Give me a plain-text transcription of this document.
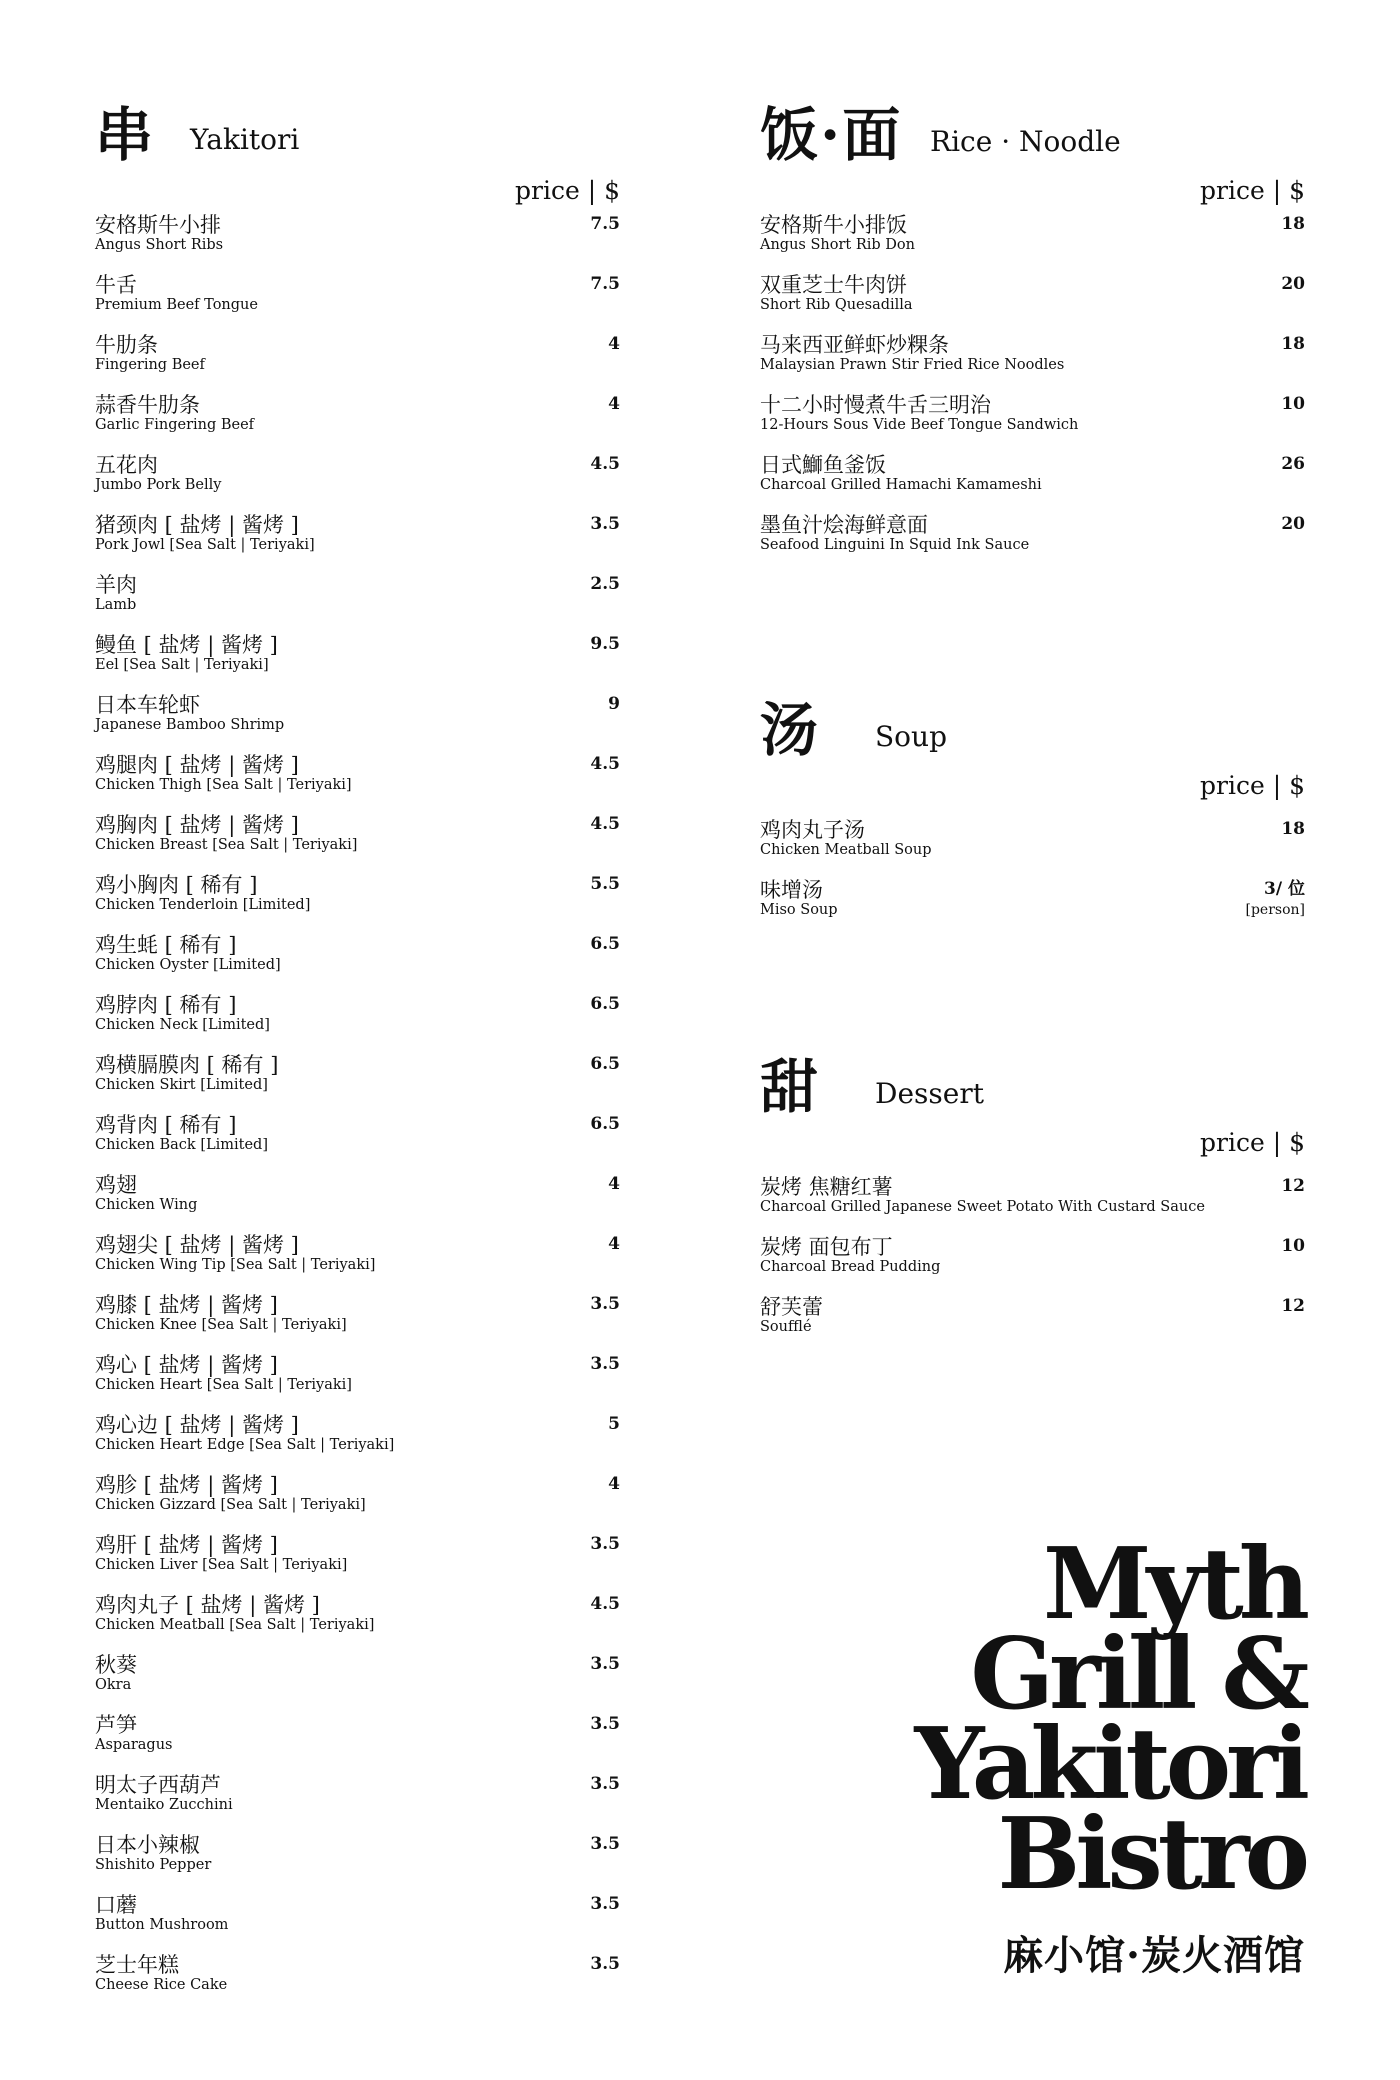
串 Yakitori
price | $
安格斯牛小排
Angus Short Ribs
7.5
牛舌
Premium Beef Tongue
7.5
牛肋条
Fingering Beef
4
蒜香牛肋条
Garlic Fingering Beef
4
五花肉
Jumbo Pork Belly
4.5
猪颈肉 [ 盐烤 | 酱烤 ]
Pork Jowl [Sea Salt | Teriyaki]
3.5
羊肉
Lamb
2.5
鳗鱼 [ 盐烤 | 酱烤 ]
Eel [Sea Salt | Teriyaki]
9.5
日本车轮虾
Japanese Bamboo Shrimp
9
鸡腿肉 [ 盐烤 | 酱烤 ]
Chicken Thigh [Sea Salt | Teriyaki]
4.5
鸡胸肉 [ 盐烤 | 酱烤 ]
Chicken Breast [Sea Salt | Teriyaki]
4.5
鸡小胸肉 [ 稀有 ]
Chicken Tenderloin [Limited]
5.5
鸡生蚝 [ 稀有 ]
Chicken Oyster [Limited]
6.5
鸡脖肉 [ 稀有 ]
Chicken Neck [Limited]
6.5
鸡横膈膜肉 [ 稀有 ]
Chicken Skirt [Limited]
6.5
鸡背肉 [ 稀有 ]
Chicken Back [Limited]
6.5
鸡翅
Chicken Wing
4
鸡翅尖 [ 盐烤 | 酱烤 ]
Chicken Wing Tip [Sea Salt | Teriyaki]
4
鸡膝 [ 盐烤 | 酱烤 ]
Chicken Knee [Sea Salt | Teriyaki]
3.5
鸡心 [ 盐烤 | 酱烤 ]
Chicken Heart [Sea Salt | Teriyaki]
3.5
鸡心边 [ 盐烤 | 酱烤 ]
Chicken Heart Edge [Sea Salt | Teriyaki]
5
鸡胗 [ 盐烤 | 酱烤 ]
Chicken Gizzard [Sea Salt | Teriyaki]
4
鸡肝 [ 盐烤 | 酱烤 ]
Chicken Liver [Sea Salt | Teriyaki]
3.5
鸡肉丸子 [ 盐烤 | 酱烤 ]
Chicken Meatball [Sea Salt | Teriyaki]
4.5
秋葵
Okra
3.5
芦笋
Asparagus
3.5
明太子西葫芦
Mentaiko Zucchini
3.5
日本小辣椒
Shishito Pepper
3.5
口蘑
Button Mushroom
3.5
芝士年糕
Cheese Rice Cake
3.5
饭·面 Rice · Noodle
price | $
安格斯牛小排饭
Angus Short Rib Don
18
双重芝士牛肉饼
Short Rib Quesadilla
20
马来西亚鲜虾炒粿条
Malaysian Prawn Stir Fried Rice Noodles
18
十二小时慢煮牛舌三明治
12-Hours Sous Vide Beef Tongue Sandwich
10
日式鰤鱼釜饭
Charcoal Grilled Hamachi Kamameshi
26
墨鱼汁烩海鲜意面
Seafood Linguini In Squid Ink Sauce
20
汤 Soup
price | $
鸡肉丸子汤
Chicken Meatball Soup
18
味增汤
Miso Soup
3/ 位
[person]
甜 Dessert
price | $
炭烤 焦糖红薯
Charcoal Grilled Japanese Sweet Potato With Custard Sauce
12
炭烤 面包布丁
Charcoal Bread Pudding
10
舒芙蕾
Soufflé
12
Myth
Grill &
Yakitori
Bistro
麻小馆·炭火酒馆
